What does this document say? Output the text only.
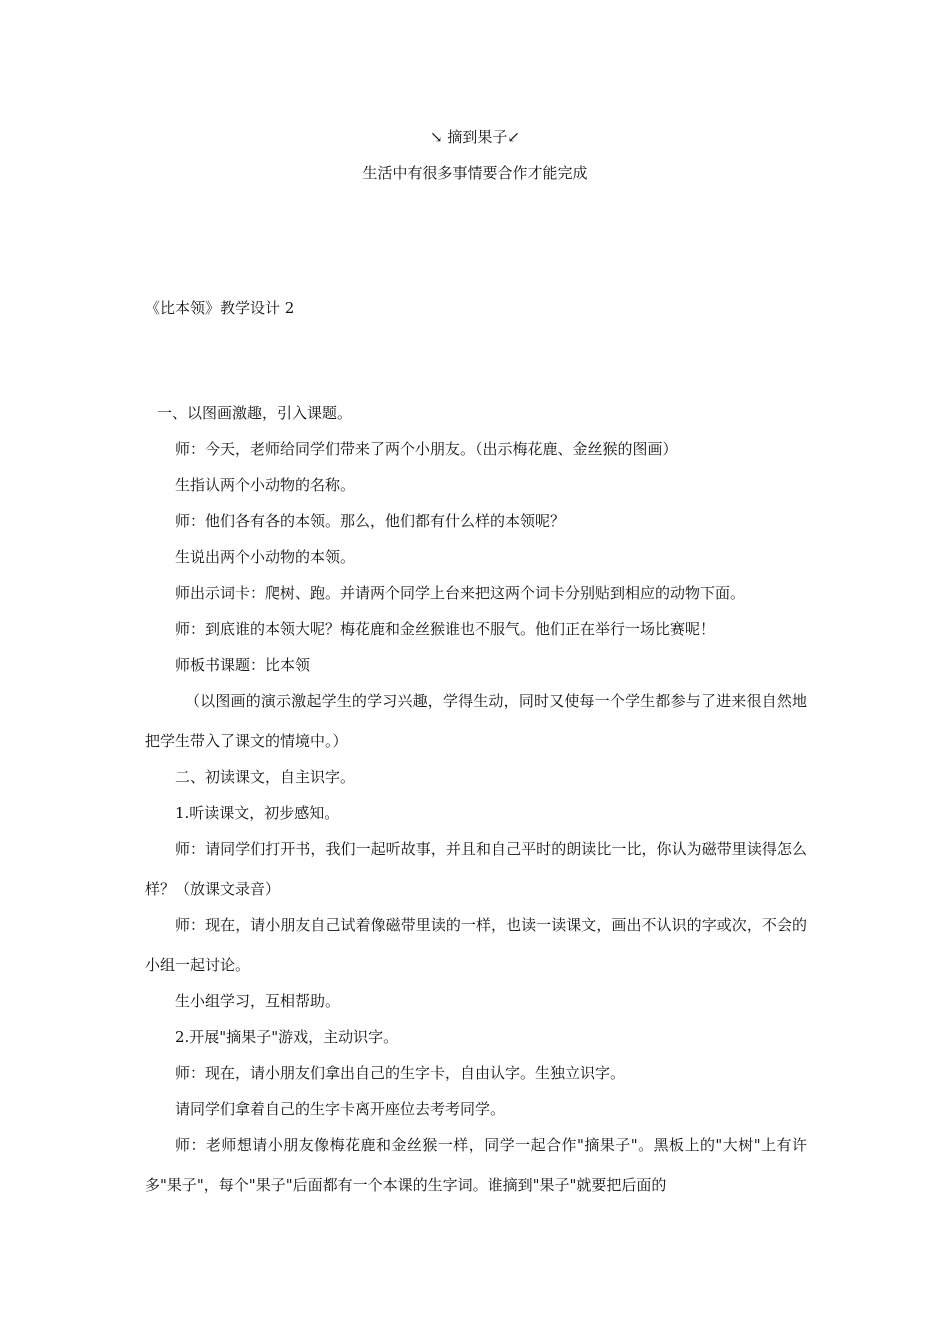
↘ 摘到果子↙
生活中有很多事情要合作才能完成
《比本领》教学设计 2

一、以图画激趣，引入课题。

师：今天，老师给同学们带来了两个小朋友。（出示梅花鹿、金丝猴的图画）

生指认两个小动物的名称。

师：他们各有各的本领。那么，他们都有什么样的本领呢？

生说出两个小动物的本领。

师出示词卡：爬树、跑。并请两个同学上台来把这两个词卡分别贴到相应的动物下面。

师：到底谁的本领大呢？梅花鹿和金丝猴谁也不服气。他们正在举行一场比赛呢！

师板书课题：比本领

（以图画的演示激起学生的学习兴趣，学得生动，同时又使每一个学生都参与了进来很自然地把学生带入了课文的情境中。）

二、初读课文，自主识字。

1.听读课文，初步感知。

师：请同学们打开书，我们一起听故事，并且和自己平时的朗读比一比，你认为磁带里读得怎么样？（放课文录音）

师：现在，请小朋友自己试着像磁带里读的一样，也读一读课文，画出不认识的字或次，不会的小组一起讨论。

生小组学习，互相帮助。

2.开展"摘果子"游戏，主动识字。

师：现在，请小朋友们拿出自己的生字卡，自由认字。生独立识字。

请同学们拿着自己的生字卡离开座位去考考同学。

师：老师想请小朋友像梅花鹿和金丝猴一样，同学一起合作"摘果子"。黑板上的"大树"上有许多"果子"，每个"果子"后面都有一个本课的生字词。谁摘到"果子"就要把后面的
